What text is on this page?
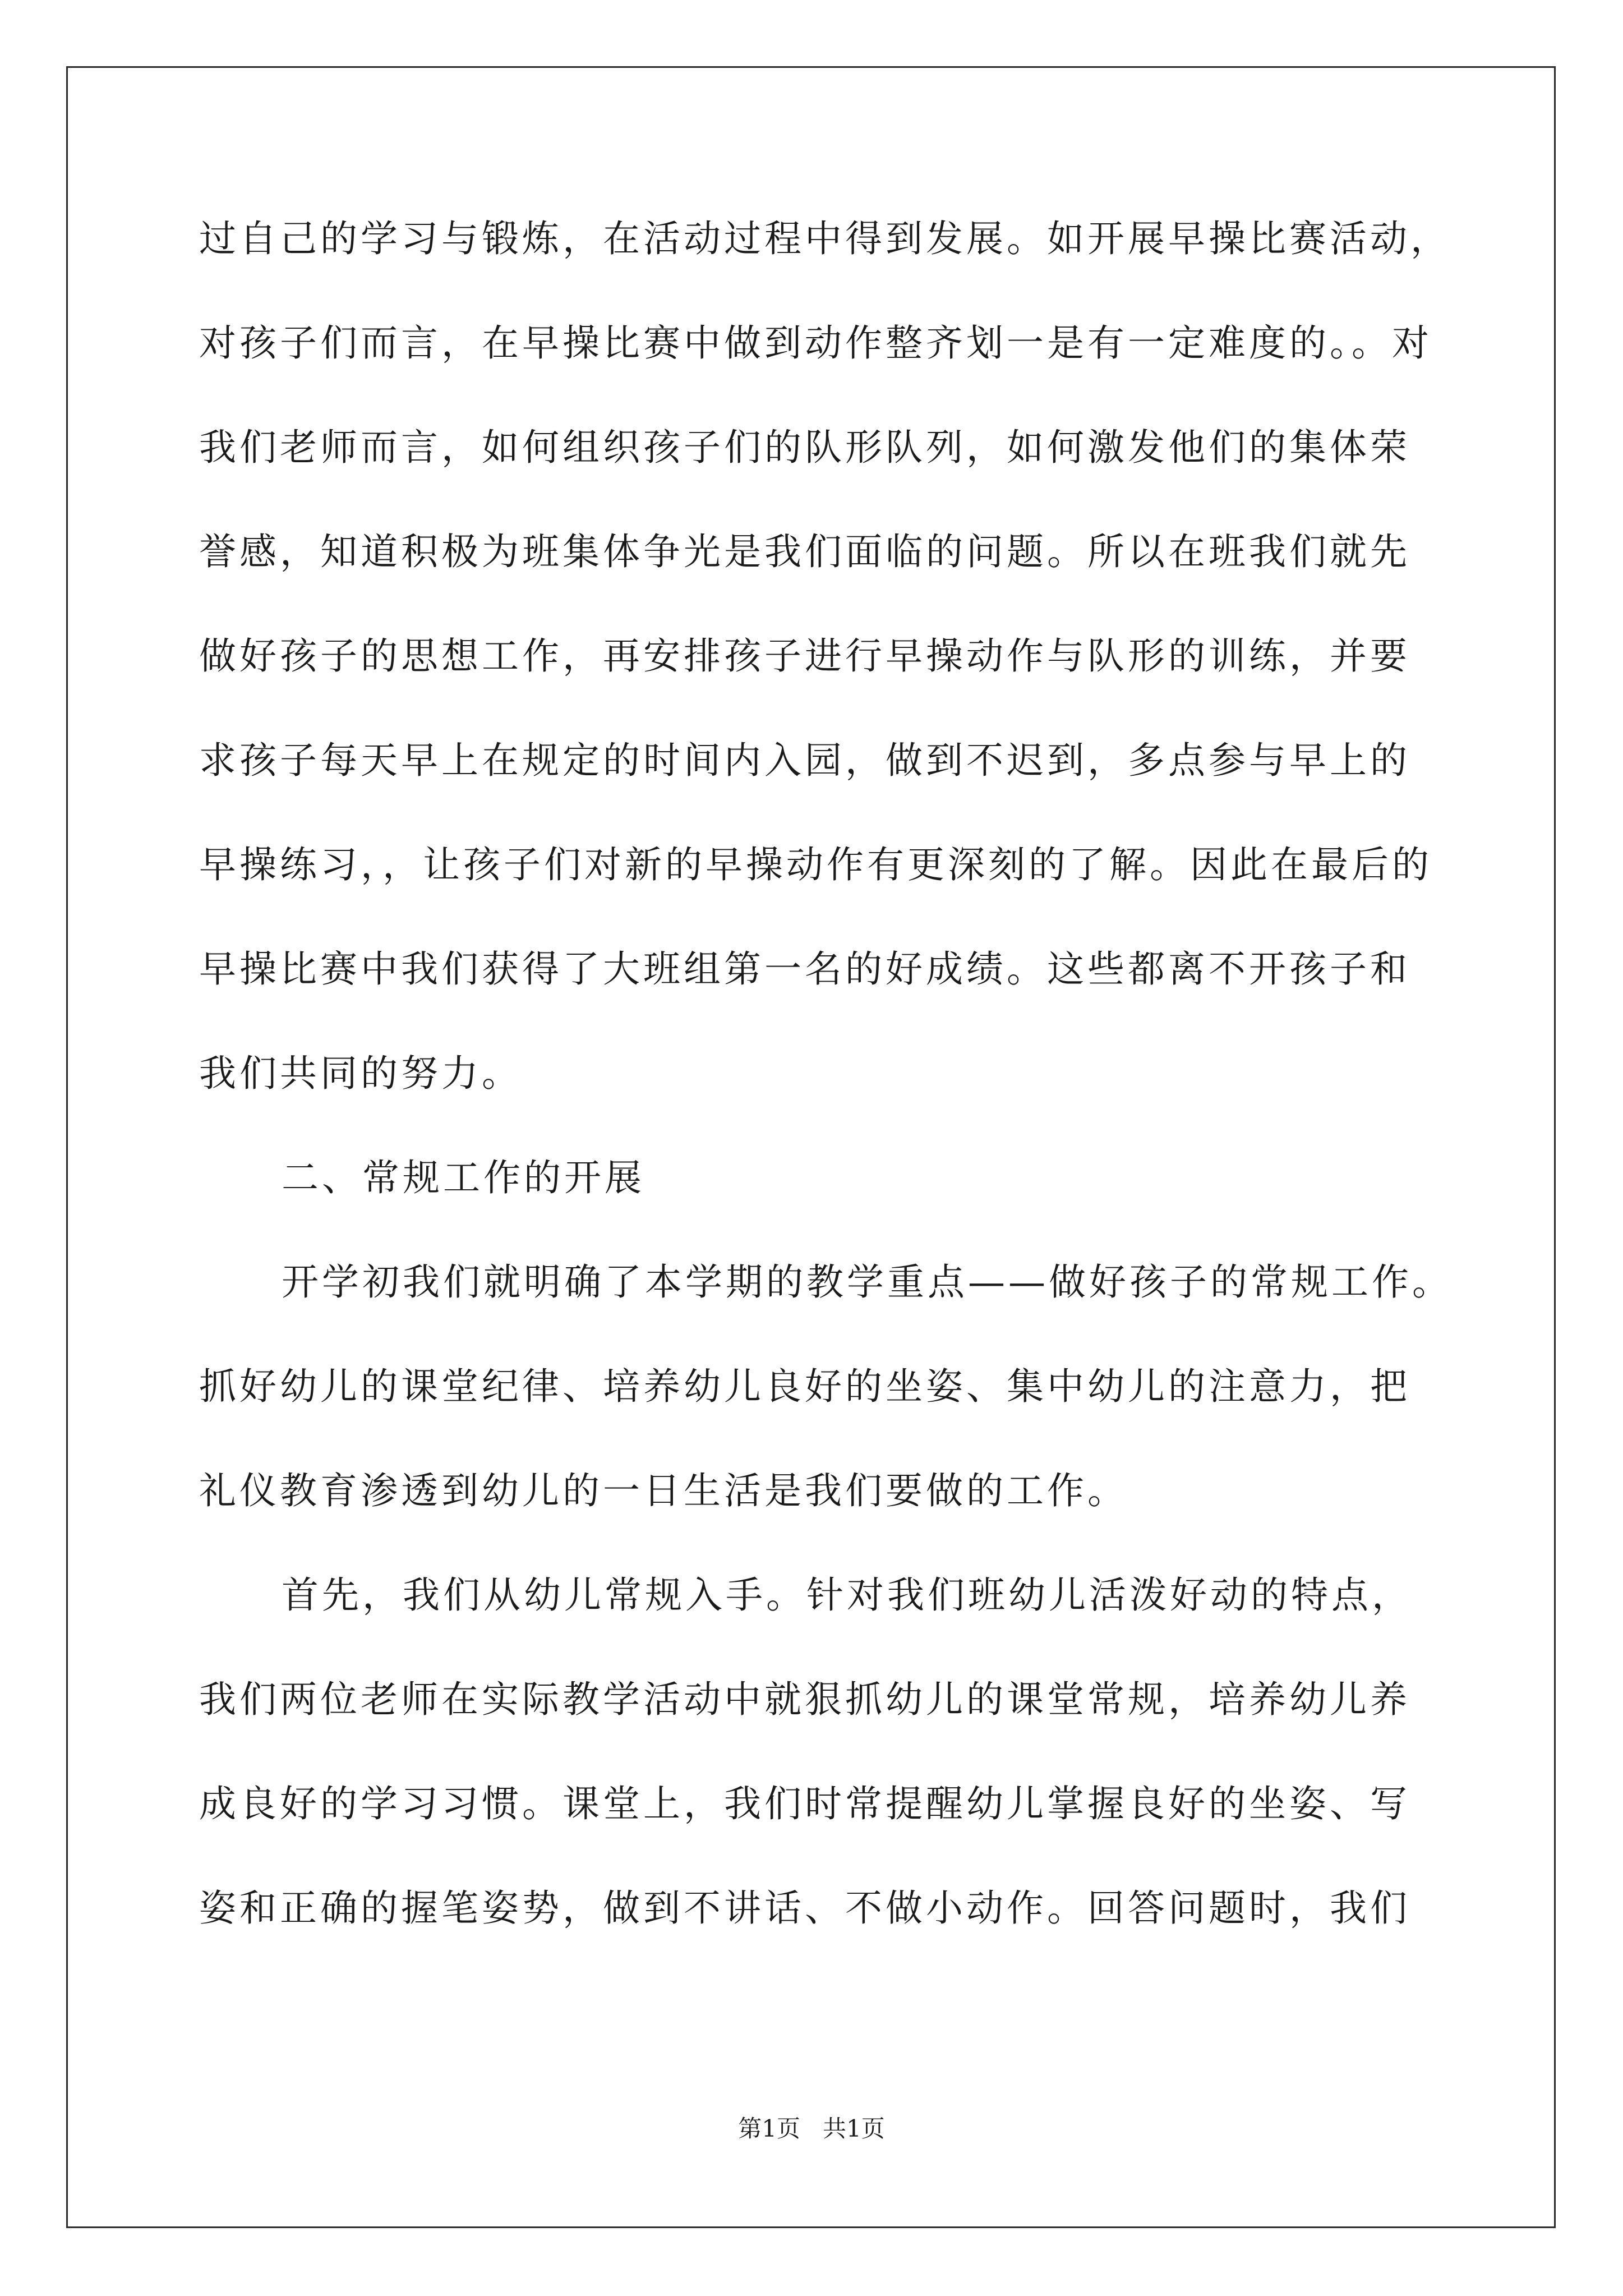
过自己的学习与锻炼，在活动过程中得到发展。如开展早操比赛活动，
对孩子们而言，在早操比赛中做到动作整齐划一是有一定难度的。。对
我们老师而言，如何组织孩子们的队形队列，如何激发他们的集体荣
誉感，知道积极为班集体争光是我们面临的问题。所以在班我们就先
做好孩子的思想工作，再安排孩子进行早操动作与队形的训练，并要
求孩子每天早上在规定的时间内入园，做到不迟到，多点参与早上的
早操练习，，让孩子们对新的早操动作有更深刻的了解。因此在最后的
早操比赛中我们获得了大班组第一名的好成绩。这些都离不开孩子和
我们共同的努力。
二、常规工作的开展
开学初我们就明确了本学期的教学重点——做好孩子的常规工作。
抓好幼儿的课堂纪律、培养幼儿良好的坐姿、集中幼儿的注意力，把
礼仪教育渗透到幼儿的一日生活是我们要做的工作。
首先，我们从幼儿常规入手。针对我们班幼儿活泼好动的特点，
我们两位老师在实际教学活动中就狠抓幼儿的课堂常规，培养幼儿养
成良好的学习习惯。课堂上，我们时常提醒幼儿掌握良好的坐姿、写
姿和正确的握笔姿势，做到不讲话、不做小动作。回答问题时，我们
第1页   共1页
